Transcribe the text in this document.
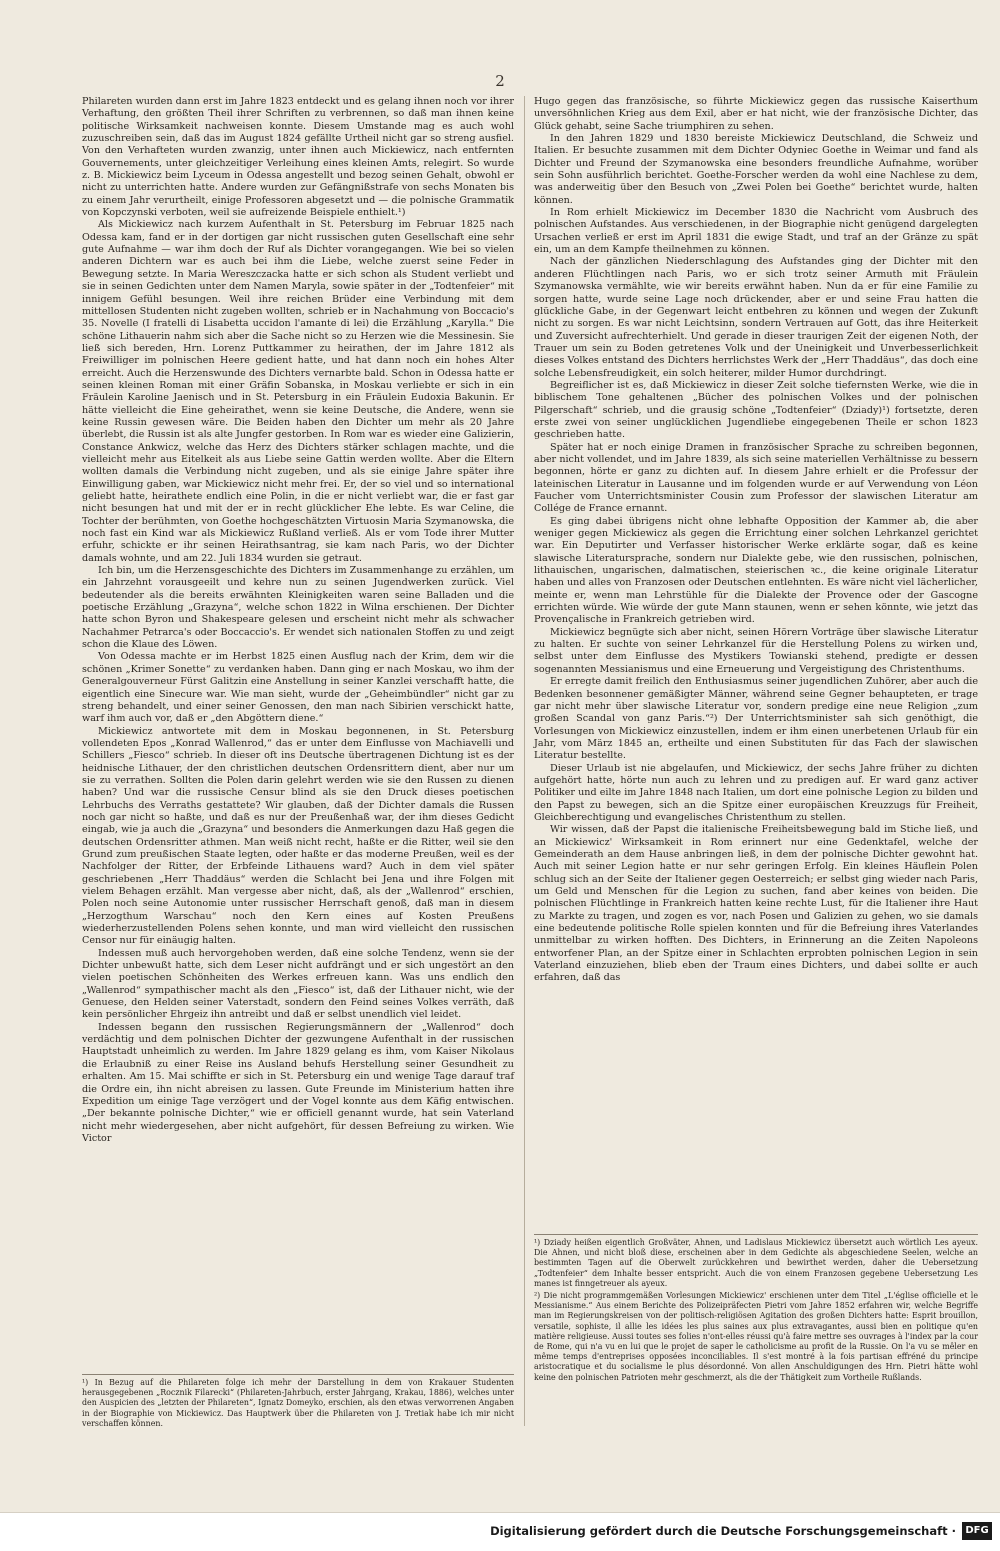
2

Philareten wurden dann erst im Jahre 1823 entdeckt und es gelang ihnen noch vor ihrer Verhaftung, den größten Theil ihrer Schriften zu verbrennen, so daß man ihnen keine politische Wirksamkeit nachweisen konnte. Diesem Umstande mag es auch wohl zuzuschreiben sein, daß das im August 1824 gefällte Urtheil nicht gar so streng ausfiel. Von den Verhafteten wurden zwanzig, unter ihnen auch Mickiewicz, nach entfernten Gouvernements, unter gleichzeitiger Verleihung eines kleinen Amts, relegirt. So wurde z. B. Mickiewicz beim Lyceum in Odessa angestellt und bezog seinen Gehalt, obwohl er nicht zu unterrichten hatte. Andere wurden zur Gefängnißstrafe von sechs Monaten bis zu einem Jahr verurtheilt, einige Professoren abgesetzt und — die polnische Grammatik von Kopczynski verboten, weil sie aufreizende Beispiele enthielt.¹)

Als Mickiewicz nach kurzem Aufenthalt in St. Petersburg im Februar 1825 nach Odessa kam, fand er in der dortigen gar nicht russischen guten Gesellschaft eine sehr gute Aufnahme — war ihm doch der Ruf als Dichter vorangegangen. Wie bei so vielen anderen Dichtern war es auch bei ihm die Liebe, welche zuerst seine Feder in Bewegung setzte. In Maria Wereszczacka hatte er sich schon als Student verliebt und sie in seinen Gedichten unter dem Namen Maryla, sowie später in der „Todtenfeier“ mit innigem Gefühl besungen. Weil ihre reichen Brüder eine Verbindung mit dem mittellosen Studenten nicht zugeben wollten, schrieb er in Nachahmung von Boccacio's 35. Novelle (I fratelli di Lisabetta uccidon l'amante di lei) die Erzählung „Karylla.“ Die schöne Lithauerin nahm sich aber die Sache nicht so zu Herzen wie die Messinesin. Sie ließ sich bereden, Hrn. Lorenz Puttkammer zu heirathen, der im Jahre 1812 als Freiwilliger im polnischen Heere gedient hatte, und hat dann noch ein hohes Alter erreicht. Auch die Herzenswunde des Dichters vernarbte bald. Schon in Odessa hatte er seinen kleinen Roman mit einer Gräfin Sobanska, in Moskau verliebte er sich in ein Fräulein Karoline Jaenisch und in St. Petersburg in ein Fräulein Eudoxia Bakunin. Er hätte vielleicht die Eine geheirathet, wenn sie keine Deutsche, die Andere, wenn sie keine Russin gewesen wäre. Die Beiden haben den Dichter um mehr als 20 Jahre überlebt, die Russin ist als alte Jungfer gestorben. In Rom war es wieder eine Galizierin, Constance Ankwicz, welche das Herz des Dichters stärker schlagen machte, und die vielleicht mehr aus Eitelkeit als aus Liebe seine Gattin werden wollte. Aber die Eltern wollten damals die Verbindung nicht zugeben, und als sie einige Jahre später ihre Einwilligung gaben, war Mickiewicz nicht mehr frei. Er, der so viel und so international geliebt hatte, heirathete endlich eine Polin, in die er nicht verliebt war, die er fast gar nicht besungen hat und mit der er in recht glücklicher Ehe lebte. Es war Celine, die Tochter der berühmten, von Goethe hochgeschätzten Virtuosin Maria Szymanowska, die noch fast ein Kind war als Mickiewicz Rußland verließ. Als er vom Tode ihrer Mutter erfuhr, schickte er ihr seinen Heirathsantrag, sie kam nach Paris, wo der Dichter damals wohnte, und am 22. Juli 1834 wurden sie getraut.

Ich bin, um die Herzensgeschichte des Dichters im Zusammenhange zu erzählen, um ein Jahrzehnt vorausgeeilt und kehre nun zu seinen Jugendwerken zurück. Viel bedeutender als die bereits erwähnten Kleinigkeiten waren seine Balladen und die poetische Erzählung „Grazyna“, welche schon 1822 in Wilna erschienen. Der Dichter hatte schon Byron und Shakespeare gelesen und erscheint nicht mehr als schwacher Nachahmer Petrarca's oder Boccaccio's. Er wendet sich nationalen Stoffen zu und zeigt schon die Klaue des Löwen.

Von Odessa machte er im Herbst 1825 einen Ausflug nach der Krim, dem wir die schönen „Krimer Sonette“ zu verdanken haben. Dann ging er nach Moskau, wo ihm der Generalgouverneur Fürst Galitzin eine Anstellung in seiner Kanzlei verschafft hatte, die eigentlich eine Sinecure war. Wie man sieht, wurde der „Geheimbündler“ nicht gar zu streng behandelt, und einer seiner Genossen, den man nach Sibirien verschickt hatte, warf ihm auch vor, daß er „den Abgöttern diene.“

Mickiewicz antwortete mit dem in Moskau begonnenen, in St. Petersburg vollendeten Epos „Konrad Wallenrod,“ das er unter dem Einflusse von Machiavelli und Schillers „Fiesco“ schrieb. In dieser oft ins Deutsche übertragenen Dichtung ist es der heidnische Lithauer, der den christlichen deutschen Ordensrittern dient, aber nur um sie zu verrathen. Sollten die Polen darin gelehrt werden wie sie den Russen zu dienen haben? Und war die russische Censur blind als sie den Druck dieses poetischen Lehrbuchs des Verraths gestattete? Wir glauben, daß der Dichter damals die Russen noch gar nicht so haßte, und daß es nur der Preußenhaß war, der ihm dieses Gedicht eingab, wie ja auch die „Grazyna“ und besonders die Anmerkungen dazu Haß gegen die deutschen Ordensritter athmen. Man weiß nicht recht, haßte er die Ritter, weil sie den Grund zum preußischen Staate legten, oder haßte er das moderne Preußen, weil es der Nachfolger der Ritter, der Erbfeinde Lithauens ward? Auch in dem viel später geschriebenen „Herr Thaddäus“ werden die Schlacht bei Jena und ihre Folgen mit vielem Behagen erzählt. Man vergesse aber nicht, daß, als der „Wallenrod“ erschien, Polen noch seine Autonomie unter russischer Herrschaft genoß, daß man in diesem „Herzogthum Warschau“ noch den Kern eines auf Kosten Preußens wiederherzustellenden Polens sehen konnte, und man wird vielleicht den russischen Censor nur für einäugig halten.

Indessen muß auch hervorgehoben werden, daß eine solche Tendenz, wenn sie der Dichter unbewußt hatte, sich dem Leser nicht aufdrängt und er sich ungestört an den vielen poetischen Schönheiten des Werkes erfreuen kann. Was uns endlich den „Wallenrod“ sympathischer macht als den „Fiesco“ ist, daß der Lithauer nicht, wie der Genuese, den Helden seiner Vaterstadt, sondern den Feind seines Volkes verräth, daß kein persönlicher Ehrgeiz ihn antreibt und daß er selbst unendlich viel leidet.

Indessen begann den russischen Regierungsmännern der „Wallenrod“ doch verdächtig und dem polnischen Dichter der gezwungene Aufenthalt in der russischen Hauptstadt unheimlich zu werden. Im Jahre 1829 gelang es ihm, vom Kaiser Nikolaus die Erlaubniß zu einer Reise ins Ausland behufs Herstellung seiner Gesundheit zu erhalten. Am 15. Mai schiffte er sich in St. Petersburg ein und wenige Tage darauf traf die Ordre ein, ihn nicht abreisen zu lassen. Gute Freunde im Ministerium hatten ihre Expedition um einige Tage verzögert und der Vogel konnte aus dem Käfig entwischen. „Der bekannte polnische Dichter,“ wie er officiell genannt wurde, hat sein Vaterland nicht mehr wiedergesehen, aber nicht aufgehört, für dessen Befreiung zu wirken. Wie Victor

Hugo gegen das französische, so führte Mickiewicz gegen das russische Kaiserthum unversöhnlichen Krieg aus dem Exil, aber er hat nicht, wie der französische Dichter, das Glück gehabt, seine Sache triumphiren zu sehen.

In den Jahren 1829 und 1830 bereiste Mickiewicz Deutschland, die Schweiz und Italien. Er besuchte zusammen mit dem Dichter Odyniec Goethe in Weimar und fand als Dichter und Freund der Szymanowska eine besonders freundliche Aufnahme, worüber sein Sohn ausführlich berichtet. Goethe-Forscher werden da wohl eine Nachlese zu dem, was anderweitig über den Besuch von „Zwei Polen bei Goethe“ berichtet wurde, halten können.

In Rom erhielt Mickiewicz im December 1830 die Nachricht vom Ausbruch des polnischen Aufstandes. Aus verschiedenen, in der Biographie nicht genügend dargelegten Ursachen verließ er erst im April 1831 die ewige Stadt, und traf an der Gränze zu spät ein, um an dem Kampfe theilnehmen zu können.

Nach der gänzlichen Niederschlagung des Aufstandes ging der Dichter mit den anderen Flüchtlingen nach Paris, wo er sich trotz seiner Armuth mit Fräulein Szymanowska vermählte, wie wir bereits erwähnt haben. Nun da er für eine Familie zu sorgen hatte, wurde seine Lage noch drückender, aber er und seine Frau hatten die glückliche Gabe, in der Gegenwart leicht entbehren zu können und wegen der Zukunft nicht zu sorgen. Es war nicht Leichtsinn, sondern Vertrauen auf Gott, das ihre Heiterkeit und Zuversicht aufrechterhielt. Und gerade in dieser traurigen Zeit der eigenen Noth, der Trauer um sein zu Boden getretenes Volk und der Uneinigkeit und Unverbesserlichkeit dieses Volkes entstand des Dichters herrlichstes Werk der „Herr Thaddäus“, das doch eine solche Lebensfreudigkeit, ein solch heiterer, milder Humor durchdringt.

Begreiflicher ist es, daß Mickiewicz in dieser Zeit solche tiefernsten Werke, wie die in biblischem Tone gehaltenen „Bücher des polnischen Volkes und der polnischen Pilgerschaft“ schrieb, und die grausig schöne „Todtenfeier“ (Dziady)¹) fortsetzte, deren erste zwei von seiner unglücklichen Jugendliebe eingegebenen Theile er schon 1823 geschrieben hatte.

Später hat er noch einige Dramen in französischer Sprache zu schreiben begonnen, aber nicht vollendet, und im Jahre 1839, als sich seine materiellen Verhältnisse zu bessern begonnen, hörte er ganz zu dichten auf. In diesem Jahre erhielt er die Professur der lateinischen Literatur in Lausanne und im folgenden wurde er auf Verwendung von Léon Faucher vom Unterrichtsminister Cousin zum Professor der slawischen Literatur am Collége de France ernannt.

Es ging dabei übrigens nicht ohne lebhafte Opposition der Kammer ab, die aber weniger gegen Mickiewicz als gegen die Errichtung einer solchen Lehrkanzel gerichtet war. Ein Deputirter und Verfasser historischer Werke erklärte sogar, daß es keine slawische Literatursprache, sondern nur Dialekte gebe, wie den russischen, polnischen, lithauischen, ungarischen, dalmatischen, steierischen ꝛc., die keine originale Literatur haben und alles von Franzosen oder Deutschen entlehnten. Es wäre nicht viel lächerlicher, meinte er, wenn man Lehrstühle für die Dialekte der Provence oder der Gascogne errichten würde. Wie würde der gute Mann staunen, wenn er sehen könnte, wie jetzt das Provençalische in Frankreich getrieben wird.

Mickiewicz begnügte sich aber nicht, seinen Hörern Vorträge über slawische Literatur zu halten. Er suchte von seiner Lehrkanzel für die Herstellung Polens zu wirken und, selbst unter dem Einflusse des Mystikers Towianski stehend, predigte er dessen sogenannten Messianismus und eine Erneuerung und Vergeistigung des Christenthums.

Er erregte damit freilich den Enthusiasmus seiner jugendlichen Zuhörer, aber auch die Bedenken besonnener gemäßigter Männer, während seine Gegner behaupteten, er trage gar nicht mehr über slawische Literatur vor, sondern predige eine neue Religion „zum großen Scandal von ganz Paris.“²) Der Unterrichtsminister sah sich genöthigt, die Vorlesungen von Mickiewicz einzustellen, indem er ihm einen unerbetenen Urlaub für ein Jahr, vom März 1845 an, ertheilte und einen Substituten für das Fach der slawischen Literatur bestellte.

Dieser Urlaub ist nie abgelaufen, und Mickiewicz, der sechs Jahre früher zu dichten aufgehört hatte, hörte nun auch zu lehren und zu predigen auf. Er ward ganz activer Politiker und eilte im Jahre 1848 nach Italien, um dort eine polnische Legion zu bilden und den Papst zu bewegen, sich an die Spitze einer europäischen Kreuzzugs für Freiheit, Gleichberechtigung und evangelisches Christenthum zu stellen.

Wir wissen, daß der Papst die italienische Freiheitsbewegung bald im Stiche ließ, und an Mickiewicz' Wirksamkeit in Rom erinnert nur eine Gedenktafel, welche der Gemeinderath an dem Hause anbringen ließ, in dem der polnische Dichter gewohnt hat. Auch mit seiner Legion hatte er nur sehr geringen Erfolg. Ein kleines Häuflein Polen schlug sich an der Seite der Italiener gegen Oesterreich; er selbst ging wieder nach Paris, um Geld und Menschen für die Legion zu suchen, fand aber keines von beiden. Die polnischen Flüchtlinge in Frankreich hatten keine rechte Lust, für die Italiener ihre Haut zu Markte zu tragen, und zogen es vor, nach Posen und Galizien zu gehen, wo sie damals eine bedeutende politische Rolle spielen konnten und für die Befreiung ihres Vaterlandes unmittelbar zu wirken hofften. Des Dichters, in Erinnerung an die Zeiten Napoleons entworfener Plan, an der Spitze einer in Schlachten erprobten polnischen Legion in sein Vaterland einzuziehen, blieb eben der Traum eines Dichters, und dabei sollte er auch erfahren, daß das

¹) In Bezug auf die Philareten folge ich mehr der Darstellung in dem von Krakauer Studenten herausgegebenen „Rocznik Filarecki“ (Philareten-Jahrbuch, erster Jahrgang, Krakau, 1886), welches unter den Auspicien des „letzten der Philareten“, Ignatz Domeyko, erschien, als den etwas verworrenen Angaben in der Biographie von Mickiewicz. Das Hauptwerk über die Philareten von J. Tretiak habe ich mir nicht verschaffen können.

¹) Dziady heißen eigentlich Großväter, Ahnen, und Ladislaus Mickiewicz übersetzt auch wörtlich Les ayeux. Die Ahnen, und nicht bloß diese, erscheinen aber in dem Gedichte als abgeschiedene Seelen, welche an bestimmten Tagen auf die Oberwelt zurückkehren und bewirthet werden, daher die Uebersetzung „Todtenfeier“ dem Inhalte besser entspricht. Auch die von einem Franzosen gegebene Uebersetzung Les manes ist finngetreuer als ayeux.

²) Die nicht programmgemäßen Vorlesungen Mickiewicz' erschienen unter dem Titel „L'église officielle et le Messianisme.“ Aus einem Berichte des Polizeipräfecten Pietri vom Jahre 1852 erfahren wir, welche Begriffe man im Regierungskreisen von der politisch-religiösen Agitation des großen Dichters hatte: Esprit brouillon, versatile, sophiste, il allie les idées les plus saines aux plus extravagantes, aussi bien en politique qu'en matière religieuse. Aussi toutes ses folies n'ont-elles réussi qu'à faire mettre ses ouvrages à l'index par la cour de Rome, qui n'a vu en lui que le projet de saper le catholicisme au profit de la Russie. On l'a vu se mêler en même temps d'entreprises opposées inconciliables. Il s'est montré à la fois partisan effréné du principe aristocratique et du socialisme le plus désordonné. Von allen Anschuldigungen des Hrn. Pietri hätte wohl keine den polnischen Patrioten mehr geschmerzt, als die der Thätigkeit zum Vortheile Rußlands.

Digitalisierung gefördert durch die Deutsche Forschungsgemeinschaft · DFG
